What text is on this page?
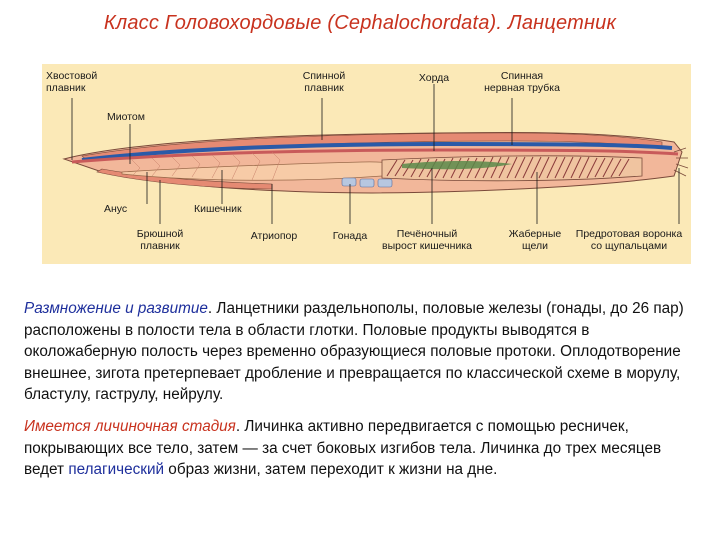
Класс Головохордовые (Cephalochordata). Ланцетник
Хвостовой
плавник
Миотом
Спинной
плавник
Хорда	Спинная
нервная трубка
Анус	Кишечник
Брюшной
плавник
Атриопор	Гонада	Печёночный
вырост кишечника
Жаберные
щели
Предротовая воронка
со щупальцами
Размножение и развитие. Ланцетники раздельнополы, половые железы (гонады, до 26 пар) расположены в полости тела в области глотки. Половые продукты выводятся в околожаберную полость через временно образующиеся половые протоки. Оплодотворение внешнее, зигота претерпевает дробление и превращается по классической схеме в морулу, бластулу, гаструлу, нейрулу.
Имеется личиночная стадия. Личинка активно передвигается с помощью ресничек, покрывающих все тело, затем — за счет боковых изгибов тела. Личинка до трех месяцев ведет пелагический образ жизни, затем переходит к жизни на дне.
